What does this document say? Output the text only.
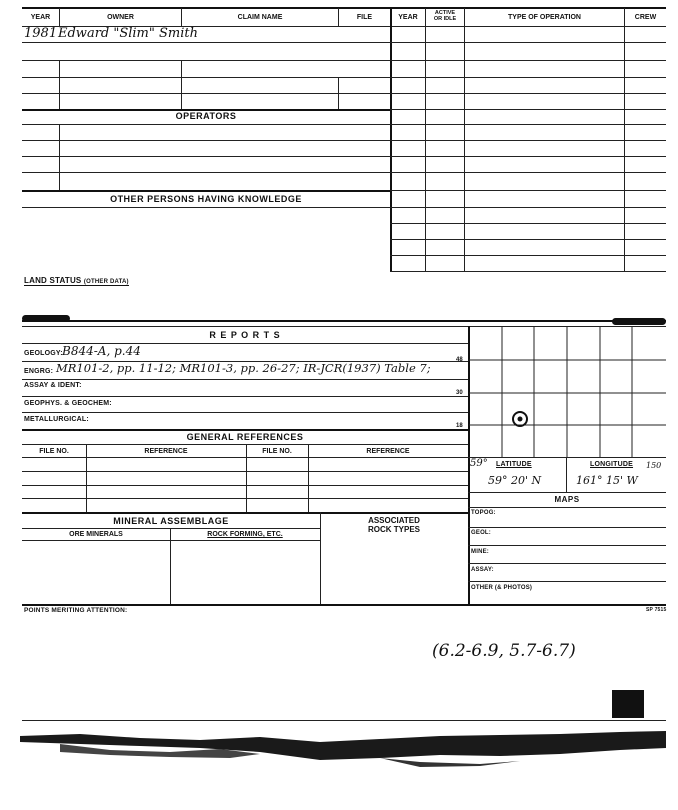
YEAR	OWNER	CLAIM NAME	FILE	YEAR
ACTIVE
OR IDLE	TYPE OF OPERATION	CREW
1981 Edward "Slim" Smith
OPERATORS
OTHER PERSONS HAVING KNOWLEDGE
LAND STATUS (OTHER DATA)
R E P O R T S
GEOLOGY: B844-A, p.44
ENGRG: MR101-2, pp. 11-12; MR101-3, pp. 26-27; IR-JCR(1937) Table 7;
ASSAY & IDENT:
GEOPHYS. & GEOCHEM:
METALLURGICAL:
48
30
18
GENERAL REFERENCES
FILE NO.	REFERENCE	FILE NO.	REFERENCE
MINERAL ASSEMBLAGE
ORE MINERALS	ROCK FORMING, ETC.
ASSOCIATED
ROCK TYPES
59° LATITUDE	LONGITUDE 150
59° 20' N	161° 15' W
MAPS
TOPOG:
GEOL:
MINE:
ASSAY:
OTHER (& PHOTOS)
POINTS MERITING ATTENTION:	SP 7515
(6.2-6.9, 5.7-6.7)
